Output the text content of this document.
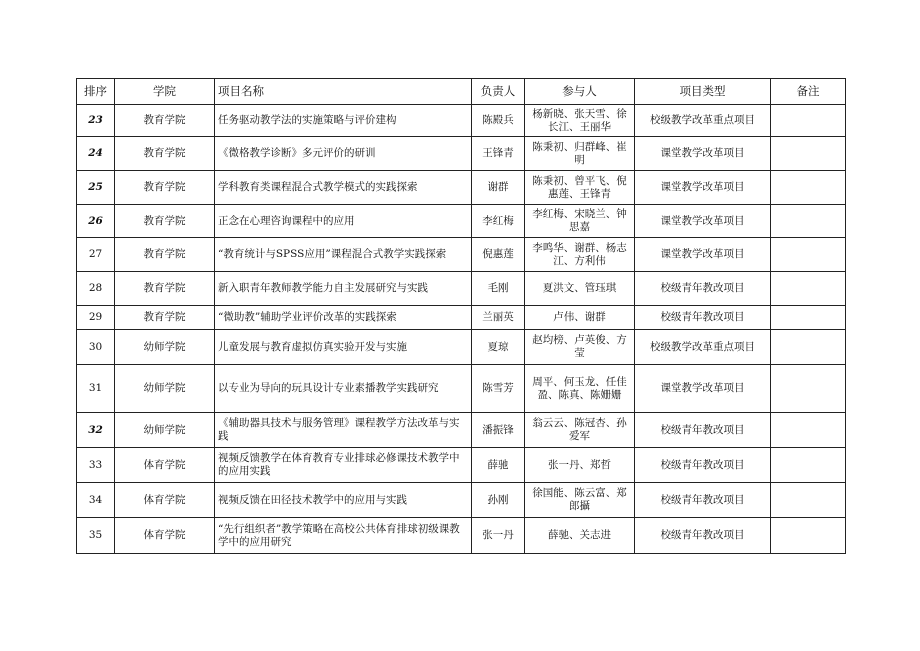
排序	学院	项目名称	负责人	参与人	项目类型	备注
23	教育学院	任务驱动教学法的实施策略与评价建构	陈殿兵	杨新晓、张天雪、徐长江、王丽华	校级教学改革重点项目	
24	教育学院	《微格教学诊断》多元评价的研训	王锋青	陈秉初、归群峰、崔明	课堂教学改革项目	
25	教育学院	学科教育类课程混合式教学模式的实践探索	谢群	陈秉初、曾平飞、倪惠莲、王锋青	课堂教学改革项目	
26	教育学院	正念在心理咨询课程中的应用	李红梅	李红梅、宋晓兰、钟思嘉	课堂教学改革项目	
27	教育学院	“教育统计与SPSS应用”课程混合式教学实践探索	倪惠莲	李鸣华、谢群、杨志江、方利伟	课堂教学改革项目	
28	教育学院	新入职青年教师教学能力自主发展研究与实践	毛刚	夏洪文、管珏琪	校级青年教改项目	
29	教育学院	“微助教”辅助学业评价改革的实践探索	兰丽英	卢伟、谢群	校级青年教改项目	
30	幼师学院	儿童发展与教育虚拟仿真实验开发与实施	夏琼	赵均榜、卢英俊、方莹	校级教学改革重点项目	
31	幼师学院	以专业为导向的玩具设计专业素播教学实践研究	陈雪芳	周平、何玉龙、任佳盈、陈真、陈姗姗	课堂教学改革项目	
32	幼师学院	《辅助器具技术与服务管理》课程教学方法改革与实践	潘振锋	翁云云、陈冠杏、孙爱军	校级青年教改项目	
33	体育学院	视频反馈教学在体育教育专业排球必修课技术教学中的应用实践	薛驰	张一丹、郑哲	校级青年教改项目	
34	体育学院	视频反馈在田径技术教学中的应用与实践	孙刚	徐国能、陈云富、郑郎攝	校级青年教改项目	
35	体育学院	“先行组织者”教学策略在高校公共体育排球初级课教学中的应用研究	张一丹	薛驰、关志进	校级青年教改项目	
